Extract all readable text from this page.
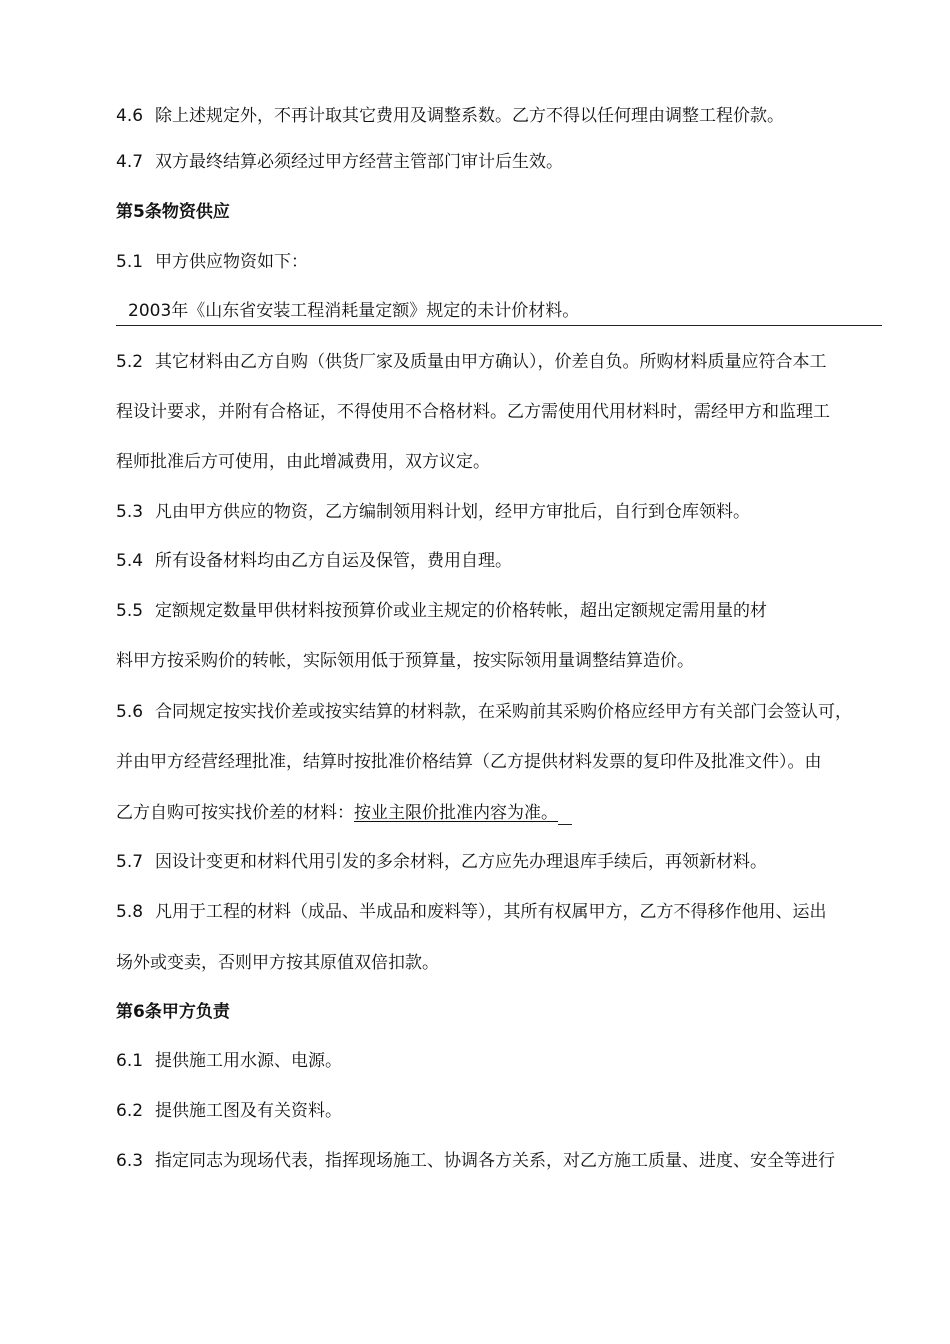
4.6 除上述规定外，不再计取其它费用及调整系数。乙方不得以任何理由调整工程价款。
4.7 双方最终结算必须经过甲方经营主管部门审计后生效。
第5条物资供应
5.1 甲方供应物资如下：
2003年《山东省安装工程消耗量定额》规定的未计价材料。
5.2 其它材料由乙方自购（供货厂家及质量由甲方确认），价差自负。所购材料质量应符合本工
程设计要求，并附有合格证，不得使用不合格材料。乙方需使用代用材料时，需经甲方和监理工
程师批准后方可使用，由此增减费用，双方议定。
5.3 凡由甲方供应的物资，乙方编制领用料计划，经甲方审批后，自行到仓库领料。
5.4 所有设备材料均由乙方自运及保管，费用自理。
5.5 定额规定数量甲供材料按预算价或业主规定的价格转帐，超出定额规定需用量的材
料甲方按采购价的转帐，实际领用低于预算量，按实际领用量调整结算造价。
5.6 合同规定按实找价差或按实结算的材料款，在采购前其采购价格应经甲方有关部门会签认可，
并由甲方经营经理批准，结算时按批准价格结算（乙方提供材料发票的复印件及批准文件）。由
乙方自购可按实找价差的材料：按业主限价批准内容为准。
5.7 因设计变更和材料代用引发的多余材料，乙方应先办理退库手续后，再领新材料。
5.8 凡用于工程的材料（成品、半成品和废料等），其所有权属甲方，乙方不得移作他用、运出
场外或变卖，否则甲方按其原值双倍扣款。
第6条甲方负责
6.1 提供施工用水源、电源。
6.2 提供施工图及有关资料。
6.3 指定同志为现场代表，指挥现场施工、协调各方关系，对乙方施工质量、进度、安全等进行
